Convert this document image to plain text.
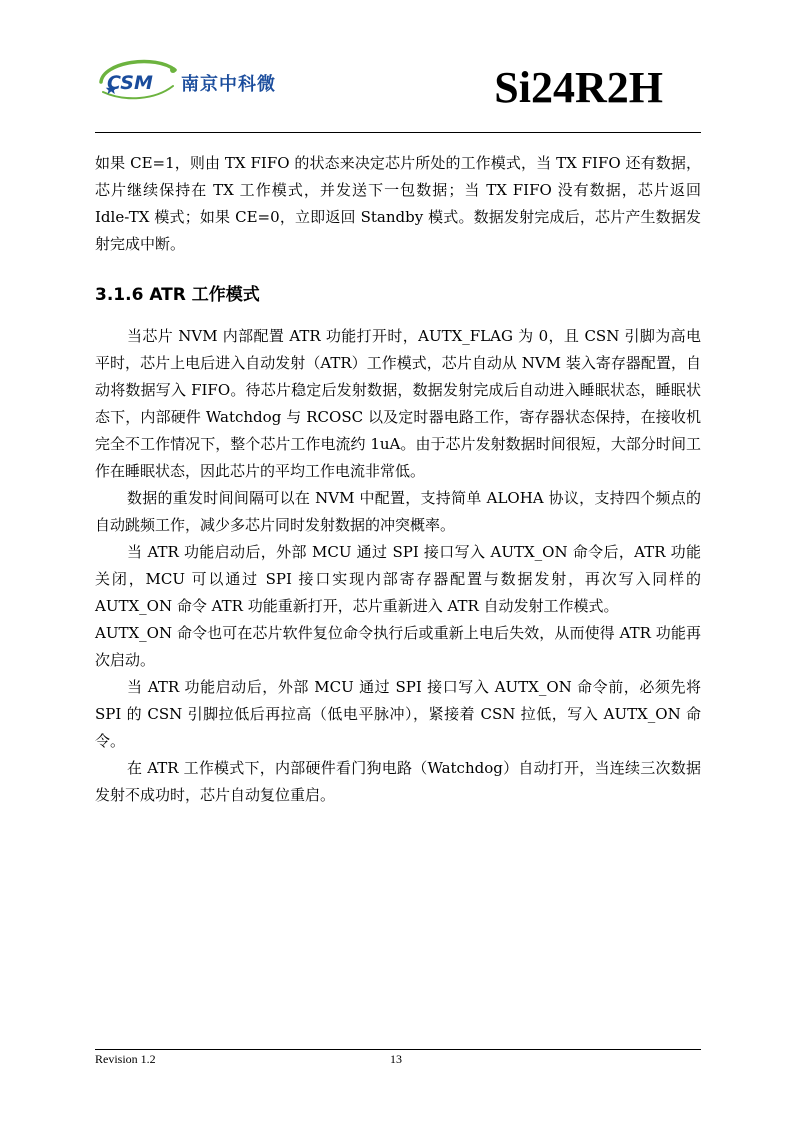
CSM 南京中科微	Si24R2H

如果 CE=1，则由 TX FIFO 的状态来决定芯片所处的工作模式，当 TX FIFO 还有数据，芯片继续保持在 TX 工作模式，并发送下一包数据；当 TX FIFO 没有数据，芯片返回 Idle-TX 模式；如果 CE=0，立即返回 Standby 模式。数据发射完成后，芯片产生数据发射完成中断。

3.1.6 ATR 工作模式

当芯片 NVM 内部配置 ATR 功能打开时，AUTX_FLAG 为 0，且 CSN 引脚为高电平时，芯片上电后进入自动发射（ATR）工作模式，芯片自动从 NVM 装入寄存器配置，自动将数据写入 FIFO。待芯片稳定后发射数据，数据发射完成后自动进入睡眠状态，睡眠状态下，内部硬件 Watchdog 与 RCOSC 以及定时器电路工作，寄存器状态保持，在接收机完全不工作情况下，整个芯片工作电流约 1uA。由于芯片发射数据时间很短，大部分时间工作在睡眠状态，因此芯片的平均工作电流非常低。

数据的重发时间间隔可以在 NVM 中配置，支持简单 ALOHA 协议，支持四个频点的自动跳频工作，减少多芯片同时发射数据的冲突概率。

当 ATR 功能启动后，外部 MCU 通过 SPI 接口写入 AUTX_ON 命令后，ATR 功能关闭，MCU 可以通过 SPI 接口实现内部寄存器配置与数据发射，再次写入同样的 AUTX_ON 命令 ATR 功能重新打开，芯片重新进入 ATR 自动发射工作模式。

AUTX_ON 命令也可在芯片软件复位命令执行后或重新上电后失效，从而使得 ATR 功能再次启动。

当 ATR 功能启动后，外部 MCU 通过 SPI 接口写入 AUTX_ON 命令前，必须先将 SPI 的 CSN 引脚拉低后再拉高（低电平脉冲），紧接着 CSN 拉低，写入 AUTX_ON 命令。

在 ATR 工作模式下，内部硬件看门狗电路（Watchdog）自动打开，当连续三次数据发射不成功时，芯片自动复位重启。

Revision 1.2	13
